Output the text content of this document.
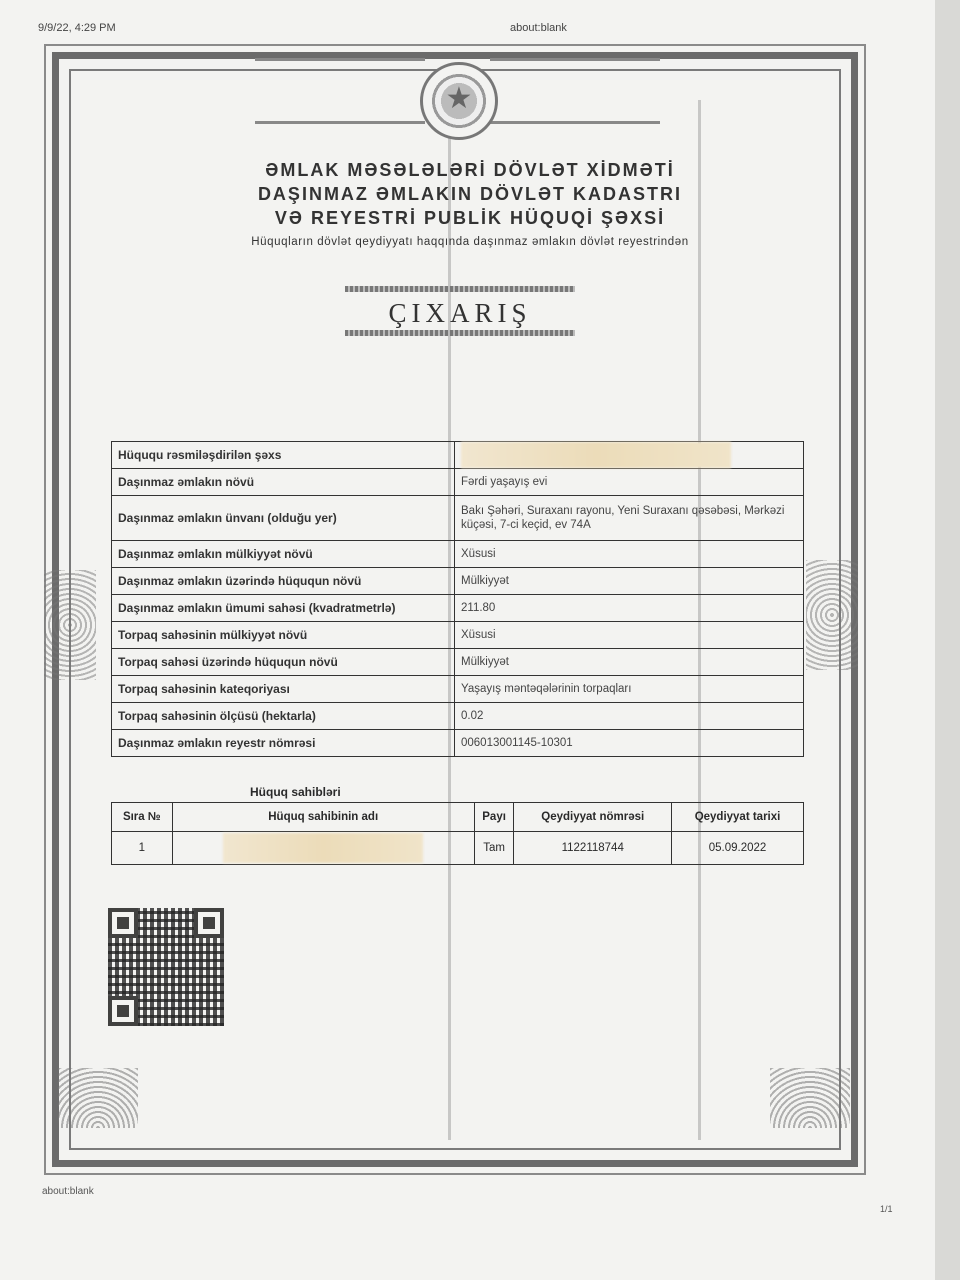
9/9/22, 4:29 PM	about:blank
★
ƏMLAK MƏSƏLƏLƏRİ DÖVLƏT XİDMƏTİ
DAŞINMAZ ƏMLAKIN DÖVLƏT KADASTRI
VƏ REYESTRİ PUBLİK HÜQUQİ ŞƏXSİ
Hüquqların dövlət qeydiyyatı haqqında daşınmaz əmlakın dövlət reyestrindən
ÇIXARIŞ
Hüququ rəsmiləşdirilən şəxs	
Daşınmaz əmlakın növü	Fərdi yaşayış evi
Daşınmaz əmlakın ünvanı (olduğu yer)	Bakı Şəhəri, Suraxanı rayonu, Yeni Suraxanı qəsəbəsi, Mərkəzi küçəsi, 7-ci keçid, ev 74A
Daşınmaz əmlakın mülkiyyət növü	Xüsusi
Daşınmaz əmlakın üzərində hüququn növü	Mülkiyyət
Daşınmaz əmlakın ümumi sahəsi (kvadratmetrlə)	211.80
Torpaq sahəsinin mülkiyyət növü	Xüsusi
Torpaq sahəsi üzərində hüququn növü	Mülkiyyət
Torpaq sahəsinin kateqoriyası	Yaşayış məntəqələrinin torpaqları
Torpaq sahəsinin ölçüsü (hektarla)	0.02
Daşınmaz əmlakın reyestr nömrəsi	006013001145-10301
Hüquq sahibləri
Sıra №	Hüquq sahibinin adı	Payı	Qeydiyyat nömrəsi	Qeydiyyat tarixi
1		Tam	1122118744	05.09.2022
about:blank
1/1
